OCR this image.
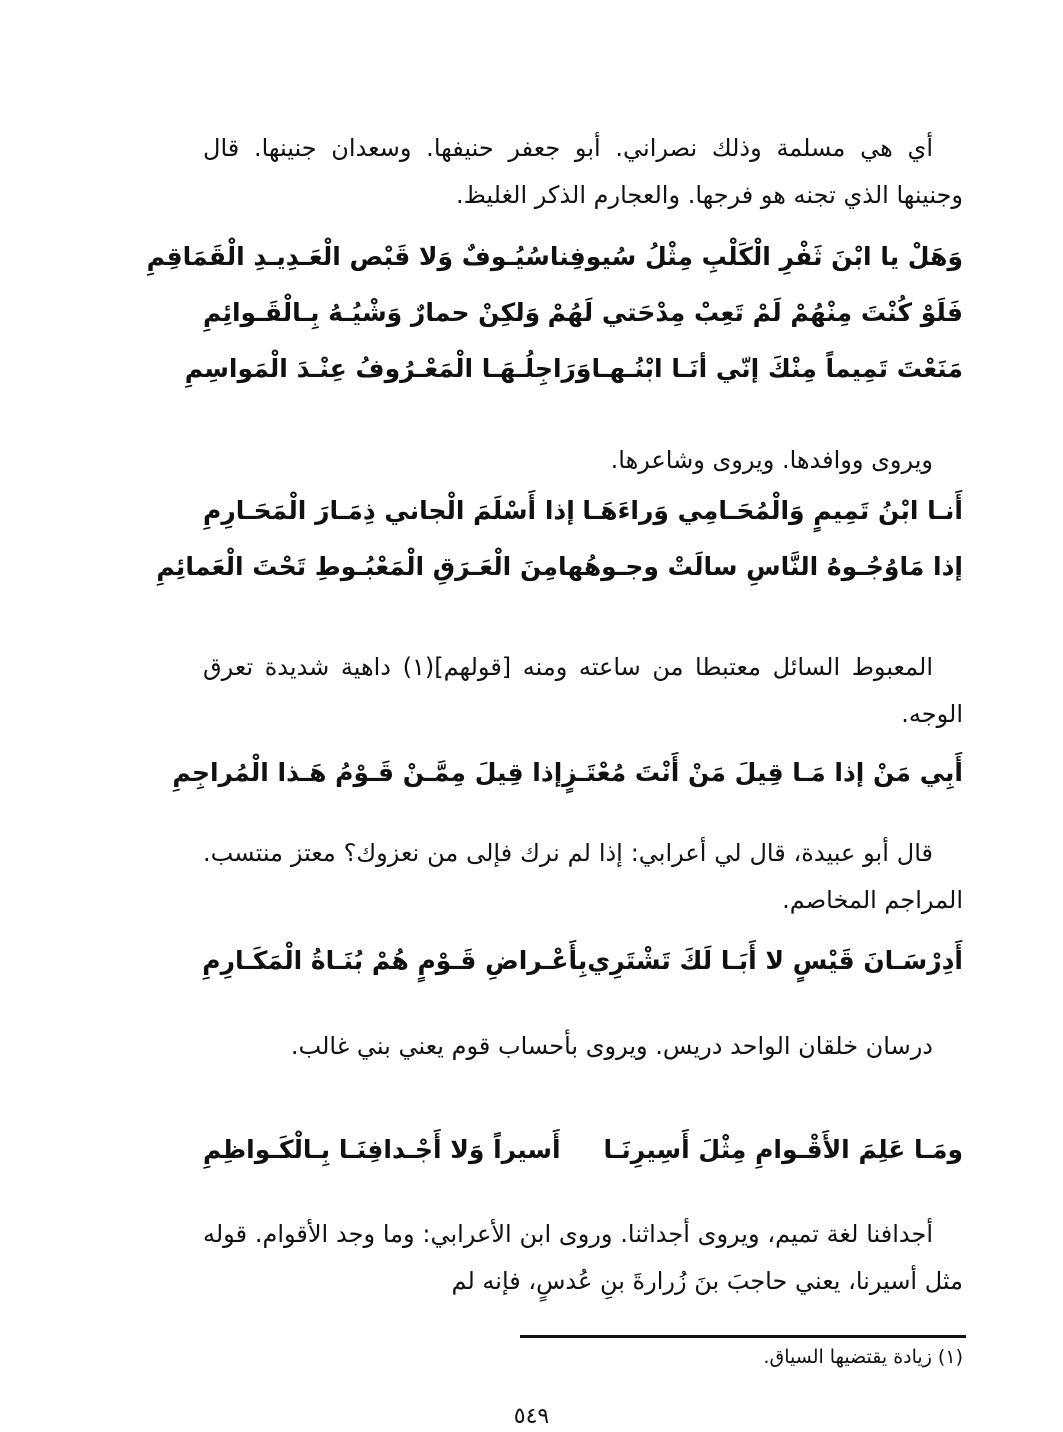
أي هي مسلمة وذلك نصراني. أبو جعفر حنيفها. وسعدان جنينها. قال وجنينها الذي تجنه هو فرجها. والعجارم الذكر الغليظ.
وَهَلْ يا ابْنَ ثَفْرِ الْكَلْبِ مِثْلُ سُيوفِنا
سُيُـوفٌ وَلا قَبْص الْعَـدِيـدِ الْقَمَاقِمِ
فَلَوْ كُنْتَ مِنْهُمْ لَمْ تَعِبْ مِدْحَتي لَهُمْ
وَلكِنْ حمارٌ وَشْيُـهُ بِـالْقَـوائِمِ
مَنَعْتَ تَمِيماً مِنْكَ إنّي أنَـا ابْنُـهـا
وَرَاجِلُـهَـا الْمَعْـرُوفُ عِنْـدَ الْمَواسِمِ
ويروى ووافدها. ويروى وشاعرها.
أَنـا ابْنُ تَمِيمٍ وَالْمُحَـامِي وَراءَهَـا
إذا أَسْلَمَ الْجاني ذِمَـارَ الْمَحَـارِمِ
إذا مَاوُجُـوهُ النَّاسِ سالَتْ وجـوهُها
مِنَ الْعَـرَقِ الْمَعْبُـوطِ تَحْتَ الْعَمائِمِ
المعبوط السائل معتبطا من ساعته ومنه [قولهم](١) داهية شديدة تعرق الوجه.
أَبِي مَنْ إذا مَـا قِيلَ مَنْ أَنْتَ مُعْتَـزٍ
إذا قِيلَ مِمَّـنْ قَـوْمُ هَـذا الْمُراجِمِ
قال أبو عبيدة، قال لي أعرابي: إذا لم نرك فإلى من نعزوك؟ معتز منتسب. المراجم المخاصم.
أَدِرْسَـانَ قَيْسٍ لا أَبَـا لَكَ تَشْتَرِي
بِأَعْـراضِ قَـوْمٍ هُمْ بُنَـاةُ الْمَكَـارِمِ
درسان خلقان الواحد دريس. ويروى بأحساب قوم يعني بني غالب.
ومَـا عَلِمَ الأَقْـوامِ مِثْلَ أَسِيرِنَـا
أَسيراً وَلا أَجْـدافِنَـا بِـالْكَـواظِمِ
أجدافنا لغة تميم، ويروى أجداثنا. وروى ابن الأعرابي: وما وجد الأقوام. قوله مثل أسيرنا، يعني حاجبَ بنَ زُرارةَ بنِ عُدسٍ، فإنه لم
(١) زيادة يقتضيها السياق.
٥٤٩
